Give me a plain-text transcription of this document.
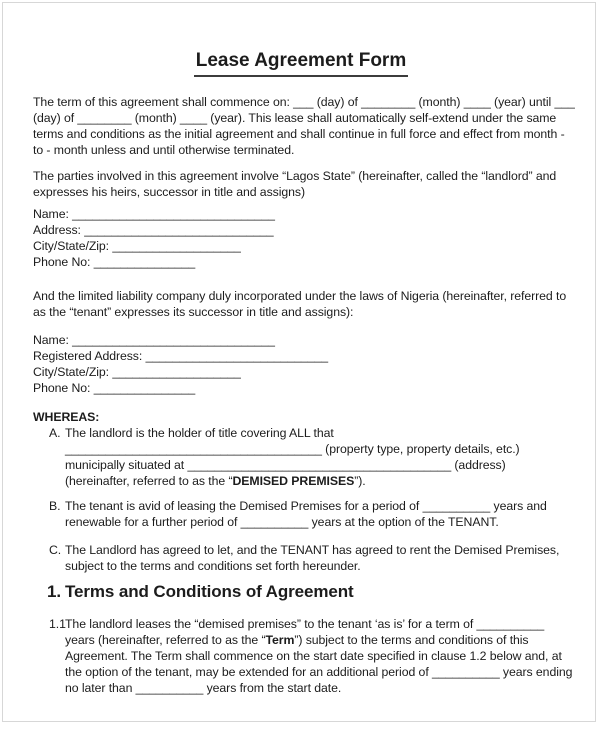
Lease Agreement Form
The term of this agreement shall commence on: ___ (day) of ________ (month) ____ (year) until ___
(day) of ________ (month) ____ (year). This lease shall automatically self-extend under the same
terms and conditions as the initial agreement and shall continue in full force and effect from month -
to - month unless and until otherwise terminated.
The parties involved in this agreement involve “Lagos State” (hereinafter, called the “landlord” and
expresses his heirs, successor in title and assigns)
Name: ______________________________
Address: ____________________________
City/State/Zip: ___________________
Phone No: _______________
And the limited liability company duly incorporated under the laws of Nigeria (hereinafter, referred to
as the “tenant” expresses its successor in title and assigns):
Name: ______________________________
Registered Address: ___________________________
City/State/Zip: ___________________
Phone No: _______________
WHEREAS:
A. The landlord is the holder of title covering ALL that
______________________________________ (property type, property details, etc.)
municipally situated at _______________________________________ (address)
(hereinafter, referred to as the “DEMISED PREMISES”).
B. The tenant is avid of leasing the Demised Premises for a period of __________ years and
renewable for a further period of __________ years at the option of the TENANT.
C. The Landlord has agreed to let, and the TENANT has agreed to rent the Demised Premises,
subject to the terms and conditions set forth hereunder.
1. Terms and Conditions of Agreement
1.1 The landlord leases the “demised premises” to the tenant ‘as is’ for a term of __________
years (hereinafter, referred to as the “Term”) subject to the terms and conditions of this
Agreement. The Term shall commence on the start date specified in clause 1.2 below and, at
the option of the tenant, may be extended for an additional period of __________ years ending
no later than __________ years from the start date.
